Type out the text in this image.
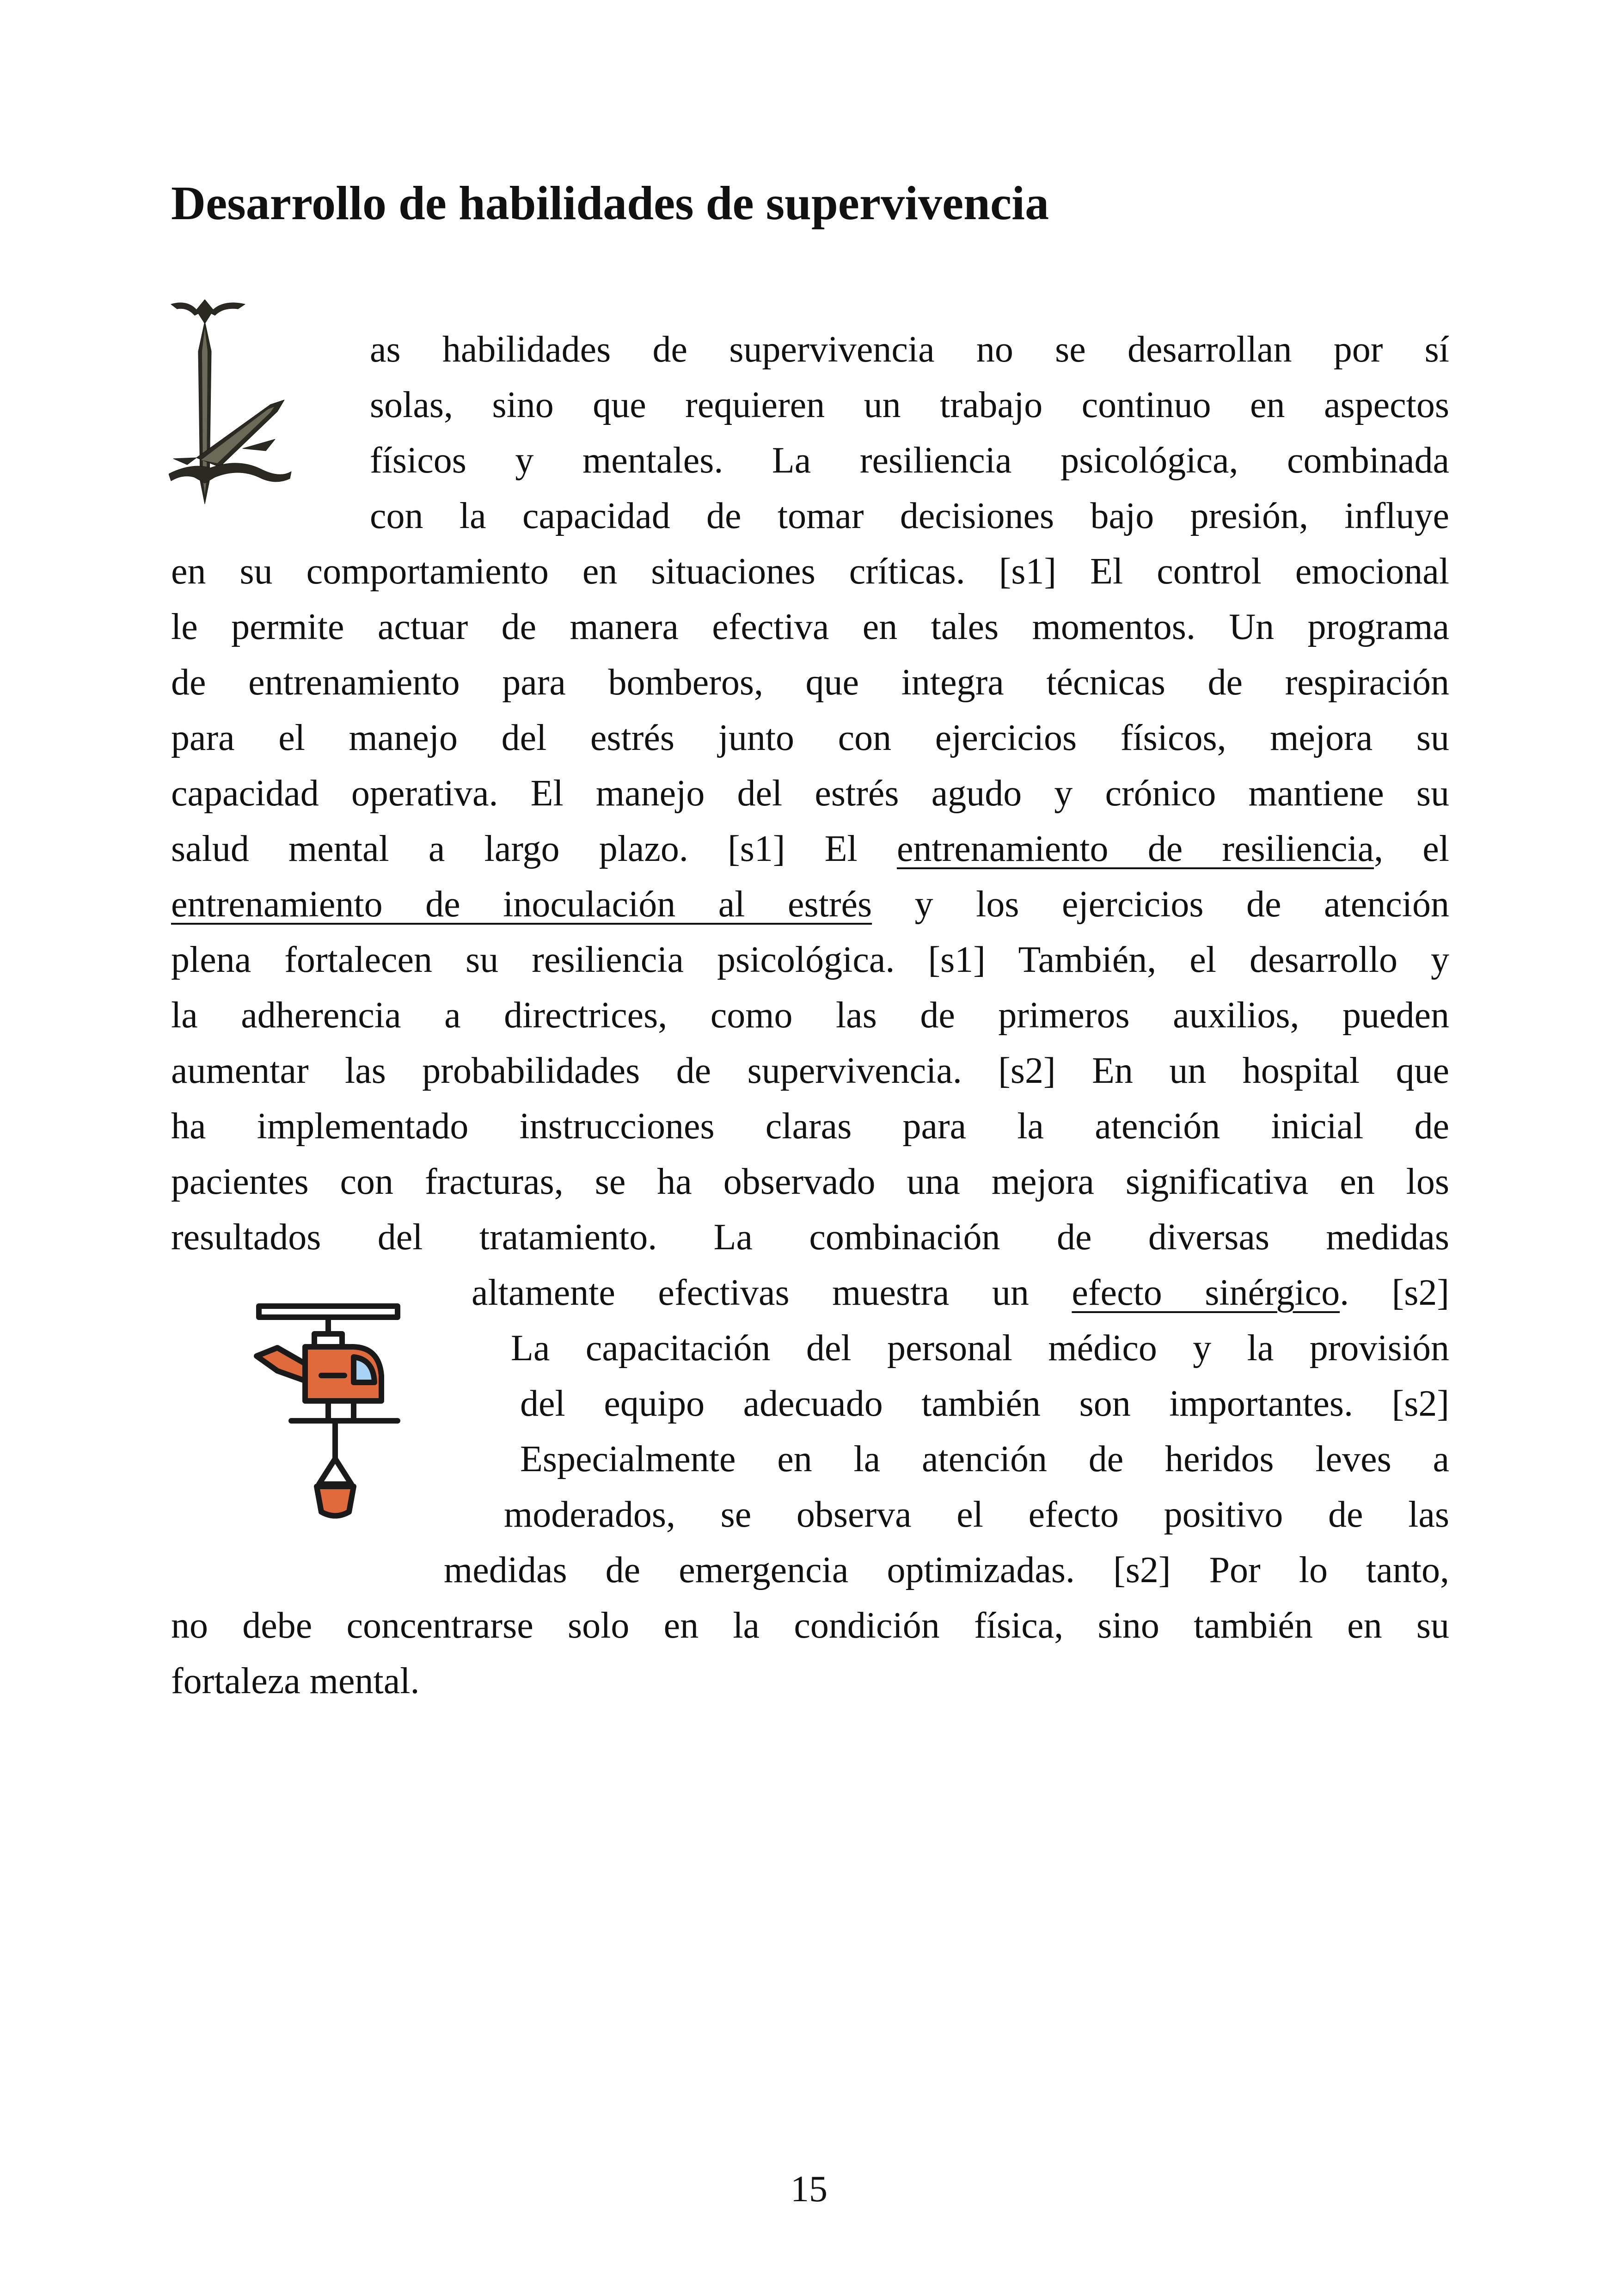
Desarrollo de habilidades de supervivencia
as habilidades de supervivencia no se desarrollan por sí
solas, sino que requieren un trabajo continuo en aspectos
físicos y mentales. La resiliencia psicológica, combinada
con la capacidad de tomar decisiones bajo presión, influye
en su comportamiento en situaciones críticas. [s1] El control emocional
le permite actuar de manera efectiva en tales momentos. Un programa
de entrenamiento para bomberos, que integra técnicas de respiración
para el manejo del estrés junto con ejercicios físicos, mejora su
capacidad operativa. El manejo del estrés agudo y crónico mantiene su
salud mental a largo plazo. [s1] El entrenamiento de resiliencia, el
entrenamiento de inoculación al estrés y los ejercicios de atención
plena fortalecen su resiliencia psicológica. [s1] También, el desarrollo y
la adherencia a directrices, como las de primeros auxilios, pueden
aumentar las probabilidades de supervivencia. [s2] En un hospital que
ha implementado instrucciones claras para la atención inicial de
pacientes con fracturas, se ha observado una mejora significativa en los
resultados del tratamiento. La combinación de diversas medidas
altamente efectivas muestra un efecto sinérgico. [s2]
La capacitación del personal médico y la provisión
del equipo adecuado también son importantes. [s2]
Especialmente en la atención de heridos leves a
moderados, se observa el efecto positivo de las
medidas de emergencia optimizadas. [s2] Por lo tanto,
no debe concentrarse solo en la condición física, sino también en su
fortaleza mental.
15
